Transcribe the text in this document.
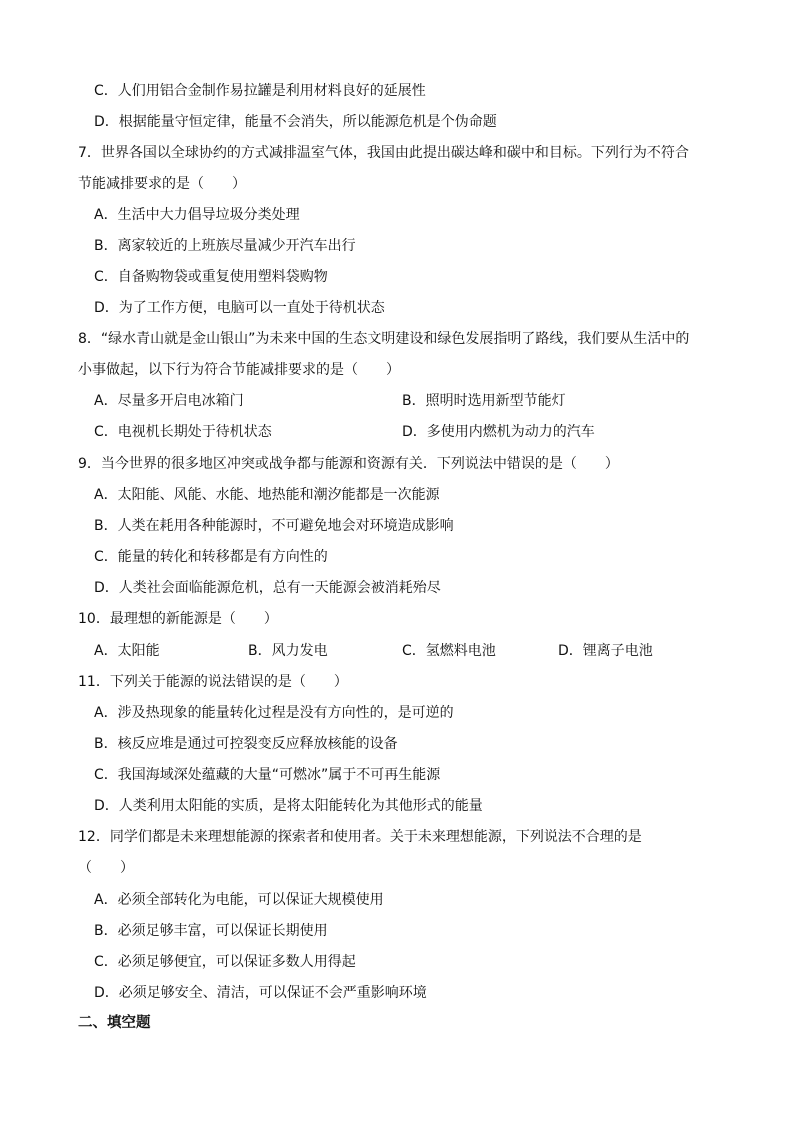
C．人们用铝合金制作易拉罐是利用材料良好的延展性
D．根据能量守恒定律，能量不会消失，所以能源危机是个伪命题
7．世界各国以全球协约的方式减排温室气体，我国由此提出碳达峰和碳中和目标。下列行为不符合
节能减排要求的是（　　）
A．生活中大力倡导垃圾分类处理
B．离家较近的上班族尽量减少开汽车出行
C．自备购物袋或重复使用塑料袋购物
D．为了工作方便，电脑可以一直处于待机状态
8．“绿水青山就是金山银山”为未来中国的生态文明建设和绿色发展指明了路线，我们要从生活中的
小事做起，以下行为符合节能减排要求的是（　　）
A．尽量多开启电冰箱门	B．照明时选用新型节能灯
C．电视机长期处于待机状态	D．多使用内燃机为动力的汽车
9．当今世界的很多地区冲突或战争都与能源和资源有关．下列说法中错误的是（　　）
A．太阳能、风能、水能、地热能和潮汐能都是一次能源
B．人类在耗用各种能源时，不可避免地会对环境造成影响
C．能量的转化和转移都是有方向性的
D．人类社会面临能源危机，总有一天能源会被消耗殆尽
10．最理想的新能源是（　　）
A．太阳能	B．风力发电	C．氢燃料电池	D．锂离子电池
11．下列关于能源的说法错误的是（　　）
A．涉及热现象的能量转化过程是没有方向性的，是可逆的
B．核反应堆是通过可控裂变反应释放核能的设备
C．我国海域深处蕴藏的大量“可燃冰”属于不可再生能源
D．人类利用太阳能的实质，是将太阳能转化为其他形式的能量
12．同学们都是未来理想能源的探索者和使用者。关于未来理想能源，下列说法不合理的是
（　　）
A．必须全部转化为电能，可以保证大规模使用
B．必须足够丰富，可以保证长期使用
C．必须足够便宜，可以保证多数人用得起
D．必须足够安全、清洁，可以保证不会严重影响环境
二、填空题
